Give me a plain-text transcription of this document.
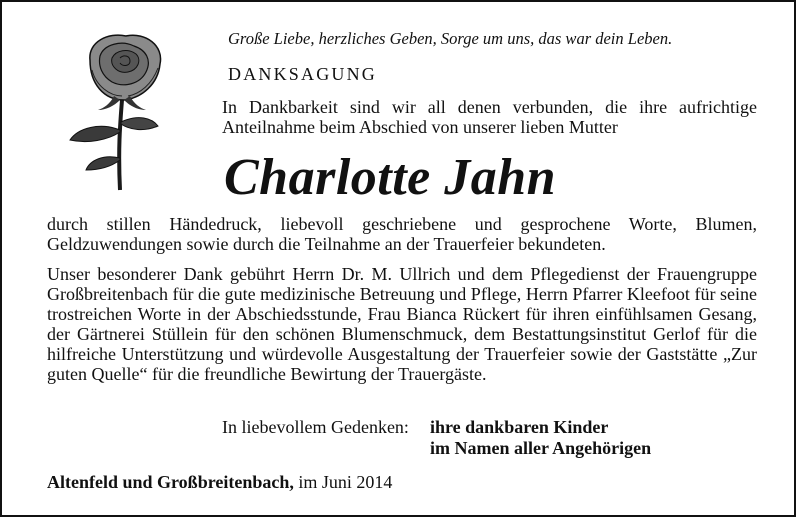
Große Liebe, herzliches Geben, Sorge um uns, das war dein Leben.
DANKSAGUNG

In Dankbarkeit sind wir all denen verbunden, die ihre aufrichtige Anteilnahme beim Abschied von unserer lieben Mutter

Charlotte Jahn

durch stillen Händedruck, liebevoll geschriebene und gesprochene Worte, Blumen, Geldzuwendungen sowie durch die Teilnahme an der Trauerfeier bekundeten.

Unser besonderer Dank gebührt Herrn Dr. M. Ullrich und dem Pflegedienst der Frauengruppe Großbreitenbach für die gute medizinische Betreuung und Pflege, Herrn Pfarrer Kleefoot für seine trostreichen Worte in der Abschiedsstunde, Frau Bianca Rückert für ihren einfühlsamen Gesang, der Gärtnerei Stüllein für den schönen Blumenschmuck, dem Bestattungsinstitut Gerlof für die hilfreiche Unterstützung und würdevolle Ausgestaltung der Trauerfeier sowie der Gaststätte „Zur guten Quelle“ für die freundliche Bewirtung der Trauergäste.

In liebevollem Gedenken:	ihre dankbaren Kinder
im Namen aller Angehörigen
Altenfeld und Großbreitenbach, im Juni 2014
